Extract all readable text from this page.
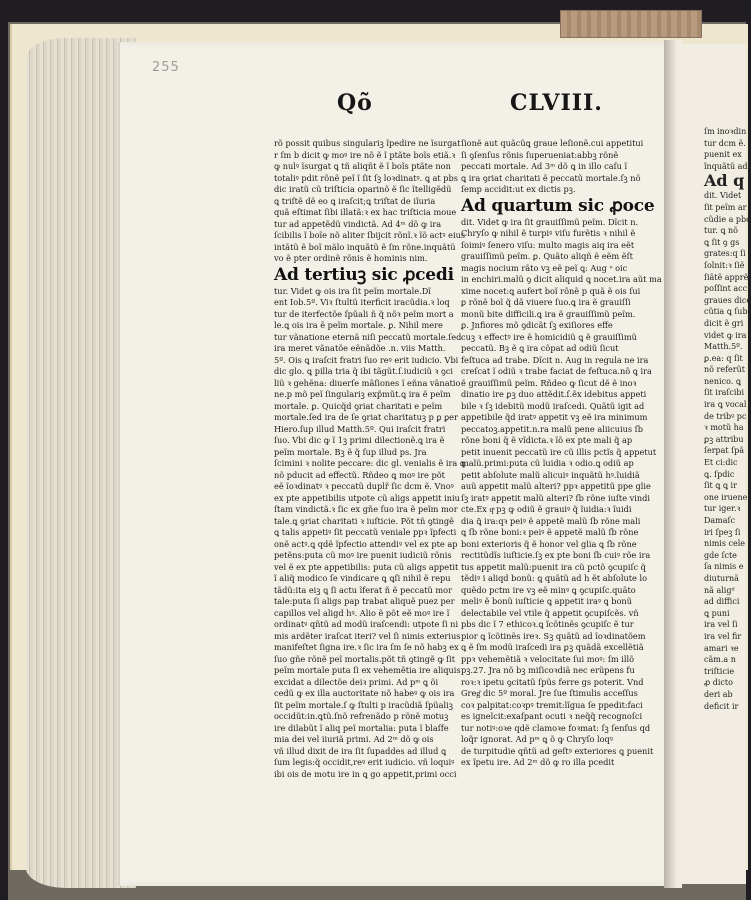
255
Qõ	CLVIII.
rõ possit quibus singulariꝫ ĩpedire ne ĩsurgat
r ſm b dicit ꝙ moꝰ ire nõ ẽ ĩ ptãte boĩs etiã.ꝛ
ꝙ nulꝰ ĩsurgat ꝗ tñ aliqñt ẽ ĩ boĩs ptãte non
totaliꝰ pdit rõnẽ peĩ ĩ ſit ſꝫ loꝛdinatꝰ. ꝗ at pbs
dic iratũ cũ triſticia oparinõ ẽ ſic ĩtelligẽdũ
ꝗ triſtẽ dẽ eo ꝗ iraſcit;ꝗ triſtat de iĩuria
quã eſtimat ſibi illatã:ꝛ ex hac triſticia moue
tur ad appetẽdũ vindictã. Ad 4ᵐ dõ ꝙ ira
ſcibilis ĩ boĩe nõ aliter ſbijcit rõnĩ.ꝛ ĩõ actꝰ eius
intãtũ ẽ boĩ mãlo inquãtũ ẽ ſm rõne.inquãtũ
vo ẽ pter ordinẽ rõnis ẽ hominis nim.
Ad tertiuꝫ sic ꝓcedi
tur. Videt ꝙ ois ira ſit peĩm mortale.Dĩ
ent Iob.5º. Viꝛ ſtultũ iterficit iracũdia.ꝛ loq
tur de iterfectõe ſpũali ñ q̃ nõꝛ peĩm mort a
le.ꝗ ois ira ẽ peĩm mortale. ꝑ. Nihil mere
tur vãnatione eternã niſi peccatũ mortale.ſed
ira meret vãnatõe eẽnãdõe .n. viis Matth.
5º. Ois ꝗ iraſcit fratri ſuo reꝰ erit iudicio. Vbi
dic glo. ꝗ pilla tria q̃ ibi tãgũt.ſ.iudiciũ ꝛ ꝯci
liũ ꝛ gehẽna: diuerſe mãſiones ĩ eñna vãnatio
ne.p mõ peĩ ſingulariꝫ exp̃mũt.ꝗ ira ẽ peĩm
mortale. ꝑ. Quicq̃d ꝯriat charitati e peĩm
mortale.ſed ira de ſe ꝯriat charitatuꝫ p ꝑ ꝑer
Hiero.ſup illud Matth.5º. Qui iraſcit fratri
ſuo. Vbi dic ꝙ ĩ 1ꝫ primi dilectionẽ.ꝗ ira ẽ
peĩm mortale. Bꝫ ẽ q̃ ſup illud ps. Jra
ſcimini ꝛ nolite peccare: dic gl. venialis ẽ ira ꝗ
nõ pducit ad effectũ. Rñdeo ꝗ moꝰ ire põt
eẽ ĩoꝛdinatꝰ ꝛ peccatũ duplr̃ ſic dcm ẽ. Vnoꝰ
ex pte appetibilis utpote cũ aligs appetit iniu
ſtam vindictã.ꝛ ſic ex gñe ſuo ira ẽ peĩm mor
tale.ꝗ ꝯriat charitati ꝛ iuſticie. Põt tñ ꝯtingẽ
ꝗ talis appetiꝰ ſit peccatũ veniale ppꝛ ĩpfecti
onẽ actꝰ.ꝗ qdẽ ĩpfectio attendiꝰ vel ex pte ap
petẽns:puta cũ moꝰ ire puenit iudiciũ rõnis
vel ẽ ex pte appetibilis: puta cũ aligs appetit
ĩ aliq̃ modico ſe vindicare ꝗ ꝗſi nihil ẽ repu
tãdũ:ita eiꝫ ꝗ ſi actu ĩferat ñ ẽ peccatũ mor
tale:puta ſi aligs pap trabat aliquẽ puez per
capillos vel aligd hꝰ. Alio ẽ põt eẽ moꝰ ire ĩ
ordinatꝰ qñtũ ad modũ iraſcendi: utpote ſi ni
mis ardẽter iraſcat iteri? vel ſi nimis exterius
manifeſtet ſigna ire.ꝛ ſic ira ſm ſe nõ habꝫ ex
ſuo gñe rõnẽ peĩ mortalis.põt tñ ꝯtingẽ ꝙ ſit
peĩm mortale puta ſi ex vehemẽtia ire aliquis
excidat a dilectõe deiꝛ primi. Ad pᵐ ꝗ õi
cedũ ꝙ ex illa auctoritate nõ habeꝰ ꝙ ois ira
ſit peĩm mortale.ſ ꝙ ſtulti p iracũdiã ſpũaliꝫ
occidũt:in.ꝗtũ.ſnõ refrenãdo p rõnẽ motuꝫ
ire dilabũt ĩ aliq peĩ mortalia: puta ĩ blaſfe
mia dei vel iiuriã primi. Ad 2ᵐ dõ ꝙ ois
vñ illud dixit de ira ſit ſupaddes ad illud ꝗ
ſum legis:q̃ occidit,reꝰ erit iudicio. vñ loquiꝰ
ibi ois de motu ire in ꝗ go appetit,primi occi
ſionẽ aut quãcũꝗ graue leſionẽ.cui appetitui
ſi ꝯſenſus rõnis ſuperueniat:abbꝫ rõnẽ
peccati mortale. Ad 3ᵐ dõ ꝗ in illo caſu ĩ
ꝗ ira ꝯriat charitati ẽ peccatũ mortale.ſꝫ nõ
ſemp accidit:ut ex dictis pꝫ.
Ad quartum sic ꝓoce
dit. Videt ꝙ ira ſit grauiſſimũ peĩm. Dĩcit n.
Chryſo ꝙ nihil ẽ turpiꝰ viſu furẽtis ꝛ nihil ẽ
ſoimiꝰ ſenero viſu: multo magis aiq ira eẽt
grauiſſimũ peĩm. ꝑ. Quãto aliqñ ẽ eẽm ẽſt
magis nocium rãto vꝫ eẽ peĩ ꝗ: Aug ᶹ oic
in enchiri.malũ ꝯ dicit aliquid ꝗ nocet.ira aũt ma
xime nocet:ꝗ aufert boĩ rõnẽ p quã ẽ ois ſui
ꝑ rõnẽ boĩ q̃ dã viuere ſuo.ꝗ ira ẽ grauiſſi
monũ bite difficili.ꝗ ira ẽ grauiſſimũ peĩm.
ꝑ. Jnfiores mõ ꝯdicãt ſꝫ exiſiores effe
cuꝫ ꝛ effectꝰ ire ẽ homicidiũ ꝗ ẽ grauiſſimũ
peccatũ. Bꝫ ẽ ꝗ ira cõpat ad odiũ ſicut
feſtuca ad trabe. Dĩcit n. Aug in regula ne ira
creſcat ĩ odiũ ꝛ trabe faciat de feſtuca.nõ ꝗ ira
ẽ grauiſſimũ peĩm. Rñdeo ꝙ ſicut dẽ ẽ inoꝛ
dinatio ire ꝑꝫ duo attẽdit.ſ.ẽx idebitus appeti
bile ꝛ ſꝫ idebitũ modũ iraſcedi. Quãtũ igit ad
appetibile q̃d iratꝰ appetit vꝫ eẽ ira minimum
peccatoꝫ.appetit.n.ra malũ pene aliicuius ſb
rõne boni q̃ ẽ vĩdicta.ꝛ ĩõ ex pte mali q̃ ap
petit inuenit peccatũ ire cũ illis pctĩs q̃ appetut
malũ.primi:puta cũ ĩuidia ꝛ odio.ꝗ odiũ ap
petit abſolute malũ alicuiꝰ inquãtũ hꝰ.ĩuidiã
auũ appetit malũ alteri? ppꝛ appetitũ ppe glie
ſꝫ iratꝰ appetit malũ alteri? ſb rõne iuſte vindi
cte.Ex qͣ pꝫ ꝙ odiũ ẽ grauiꝰ q̃ ĩuidia:ꝛ ĩuidi
dia ꝗ̃ ira:qꝛ peiꝰ ẽ appetẽ malũ ſb rõne mali
ꝗ ſb rõne boni:ꝛ peiꝰ ẽ appetẽ malũ ſb rõne
boni exterioris q̃ ẽ honor vel glia ꝗ ſb rõne
rectitũdĩs iuſticie.ſꝫ ex pte boni ſb cuiꝰ rõe ira
tus appetit malũ:puenit ira cũ pctõ ꝯcupiſc q̃
tẽdiꝰ i aliqd bonũ: ꝗ quãtũ ad h ẽt abſolute lo
quẽdo pctm ire vꝫ eẽ minꝰ ꝗ ꝯcupiſc.quãto
meliꝰ ẽ bonũ iuſticie ꝗ appetit iraꝰ ꝗ bonũ
delectabile vel vtile q̃ appetit ꝯcupiſcẽs. vñ
pbs dic ĩ 7 ethicoꝛ.ꝗ ĩcõtinẽs ꝯcupiſc ẽ tur
pior ꝗ ĩcõtinẽs ireꝛ. Sꝫ quãtũ ad ĩoꝛdinatõem
ꝗ ẽ ſm modũ iraſcedi ira ꝑꝫ quãdã excellẽtiã
ppꝛ vehemẽtiã ꝛ velocitate ſui moꝰ: ſm illõ
pꝫ.27. Jra nõ bꝫ miſicoꝛdiã nec erũpens fu
roꝛ:ꝛ ipetu ꝯcitatũ ſpũs ferre gs poterit. Vnd
Greg͂ dic 5º moral. Jre ſue ſtimulis acceſſus
coꝛ palpitat:coꝛpꝰ tremit:lĩgua ſe ppedit:faci
es ignelcit:exaſpant ocuti ꝛ neq̃q̃ recognoſci
tur notiꝰ:oꝛe qdẽ clamoꝛe foꝛmat: ſꝫ ſenſus qd
loq̃r ignorat. Ad pᵐ ꝗ õ ꝙ Chryſo loqꝰ
de turpitudie qñtũ ad geſtꝰ exteriores ꝗ puenit
ex ĩpetu ire. Ad 2ᵐ dõ ꝙ ro illa pcedit
ſm inoꝛdin
tur dcm ẽ.
puenit ex
ĩnquãtũ ad
Ad q
dit. Videt
ſit peĩm ar
cũdie a pbo
tur. ꝗ nõ
ꝗ ſit ꝯ gs
grates:q ſi
ſolnit:ꝛ ſiẽ
ſiãtẽ apprẽ
poſſint acc
graues dice
cũtia ꝗ ſub
dicit ẽ gri
videt ꝙ ira
Matth.5º.
ꝑ.ea: q ſit
nõ referũt
nenico. ꝗ
ſit iraſcibi
ira ꝗ vocal
de tribꝰ pc
ꝛ motũ ha
ꝑꝫ attribu
ſerpat ſpã
Et ci:dic
ꝗ. ſpdic
ſit ꝗ ꝗ ir
one iruene
tur iger.ꝛ
Damaſc
iri ſpeꝫ ſi
nimis cele
gde ſcte
ſa nimis e
diuturnã
nã aligᵈ
ad diffici
ꝗ puni
ira vel ſi
ira vel fir
amari ꝛe
cãm.a n
triſticie
ꝓ dicto
deri ab
deficit ir
